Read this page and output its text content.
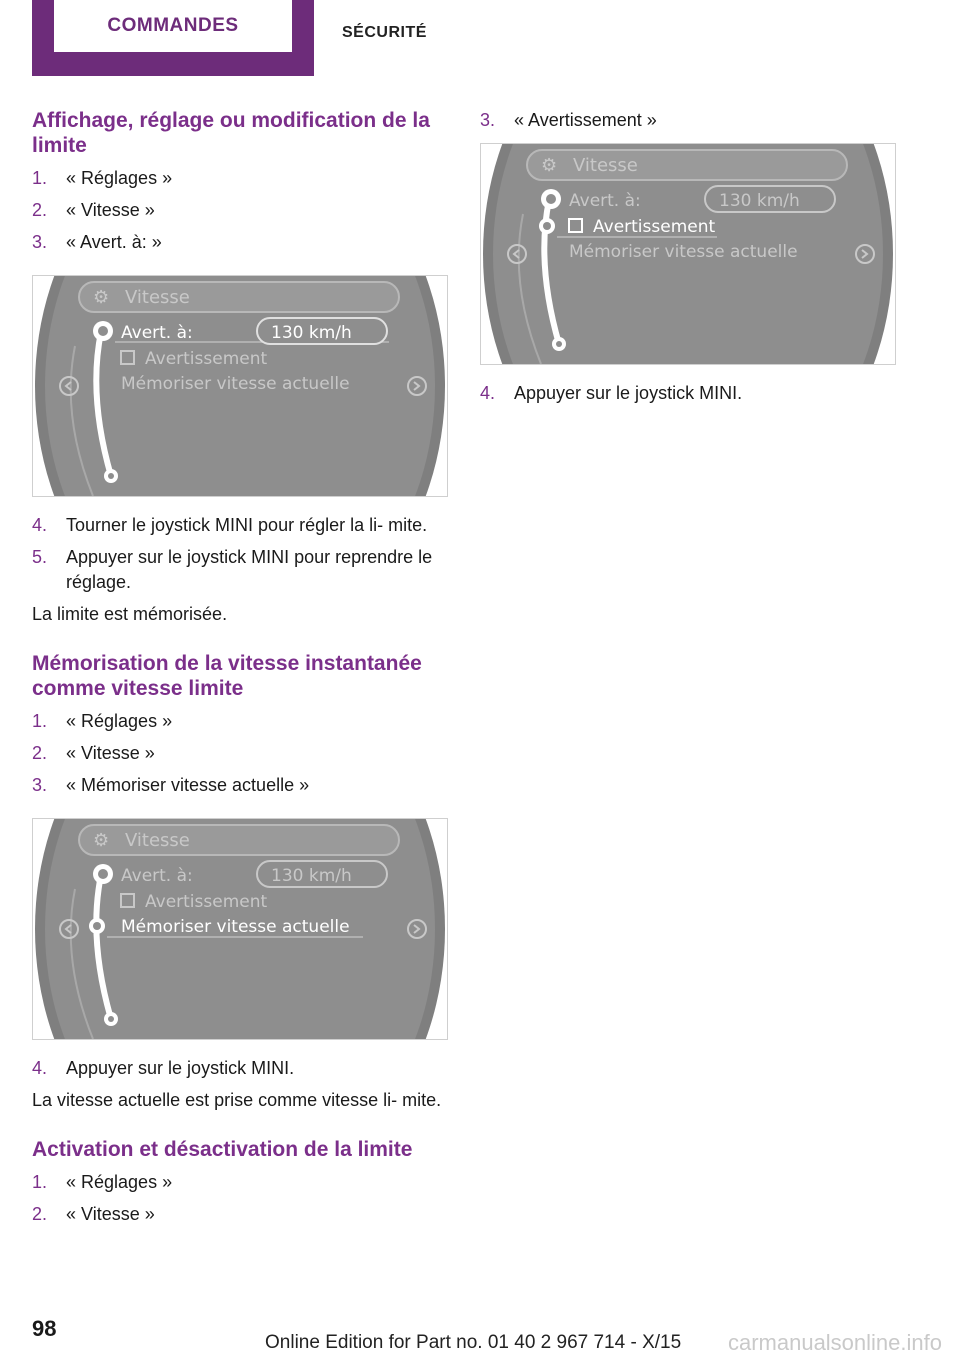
COMMANDES	SÉCURITÉ
Affichage, réglage ou modification de la limite
1. « Réglages »
2. « Vitesse »
3. « Avert. à: »
⚙ Vitesse
Avert. à:	130 km/h
Avertissement
Mémoriser vitesse actuelle
4. Tourner le joystick MINI pour régler la li‐ mite.
5. Appuyer sur le joystick MINI pour reprendre le réglage.

La limite est mémorisée.

Mémorisation de la vitesse instantanée comme vitesse limite
1. « Réglages »
2. « Vitesse »
3. « Mémoriser vitesse actuelle »
⚙ Vitesse
Avert. à:	130 km/h
Avertissement
Mémoriser vitesse actuelle
4. Appuyer sur le joystick MINI.

La vitesse actuelle est prise comme vitesse li‐ mite.

Activation et désactivation de la limite
1. « Réglages »
2. « Vitesse »
3. « Avertissement »
⚙ Vitesse
Avert. à:	130 km/h
Avertissement
Mémoriser vitesse actuelle
4. Appuyer sur le joystick MINI.
98
Online Edition for Part no. 01 40 2 967 714 - X/15 carmanualsonline.info
